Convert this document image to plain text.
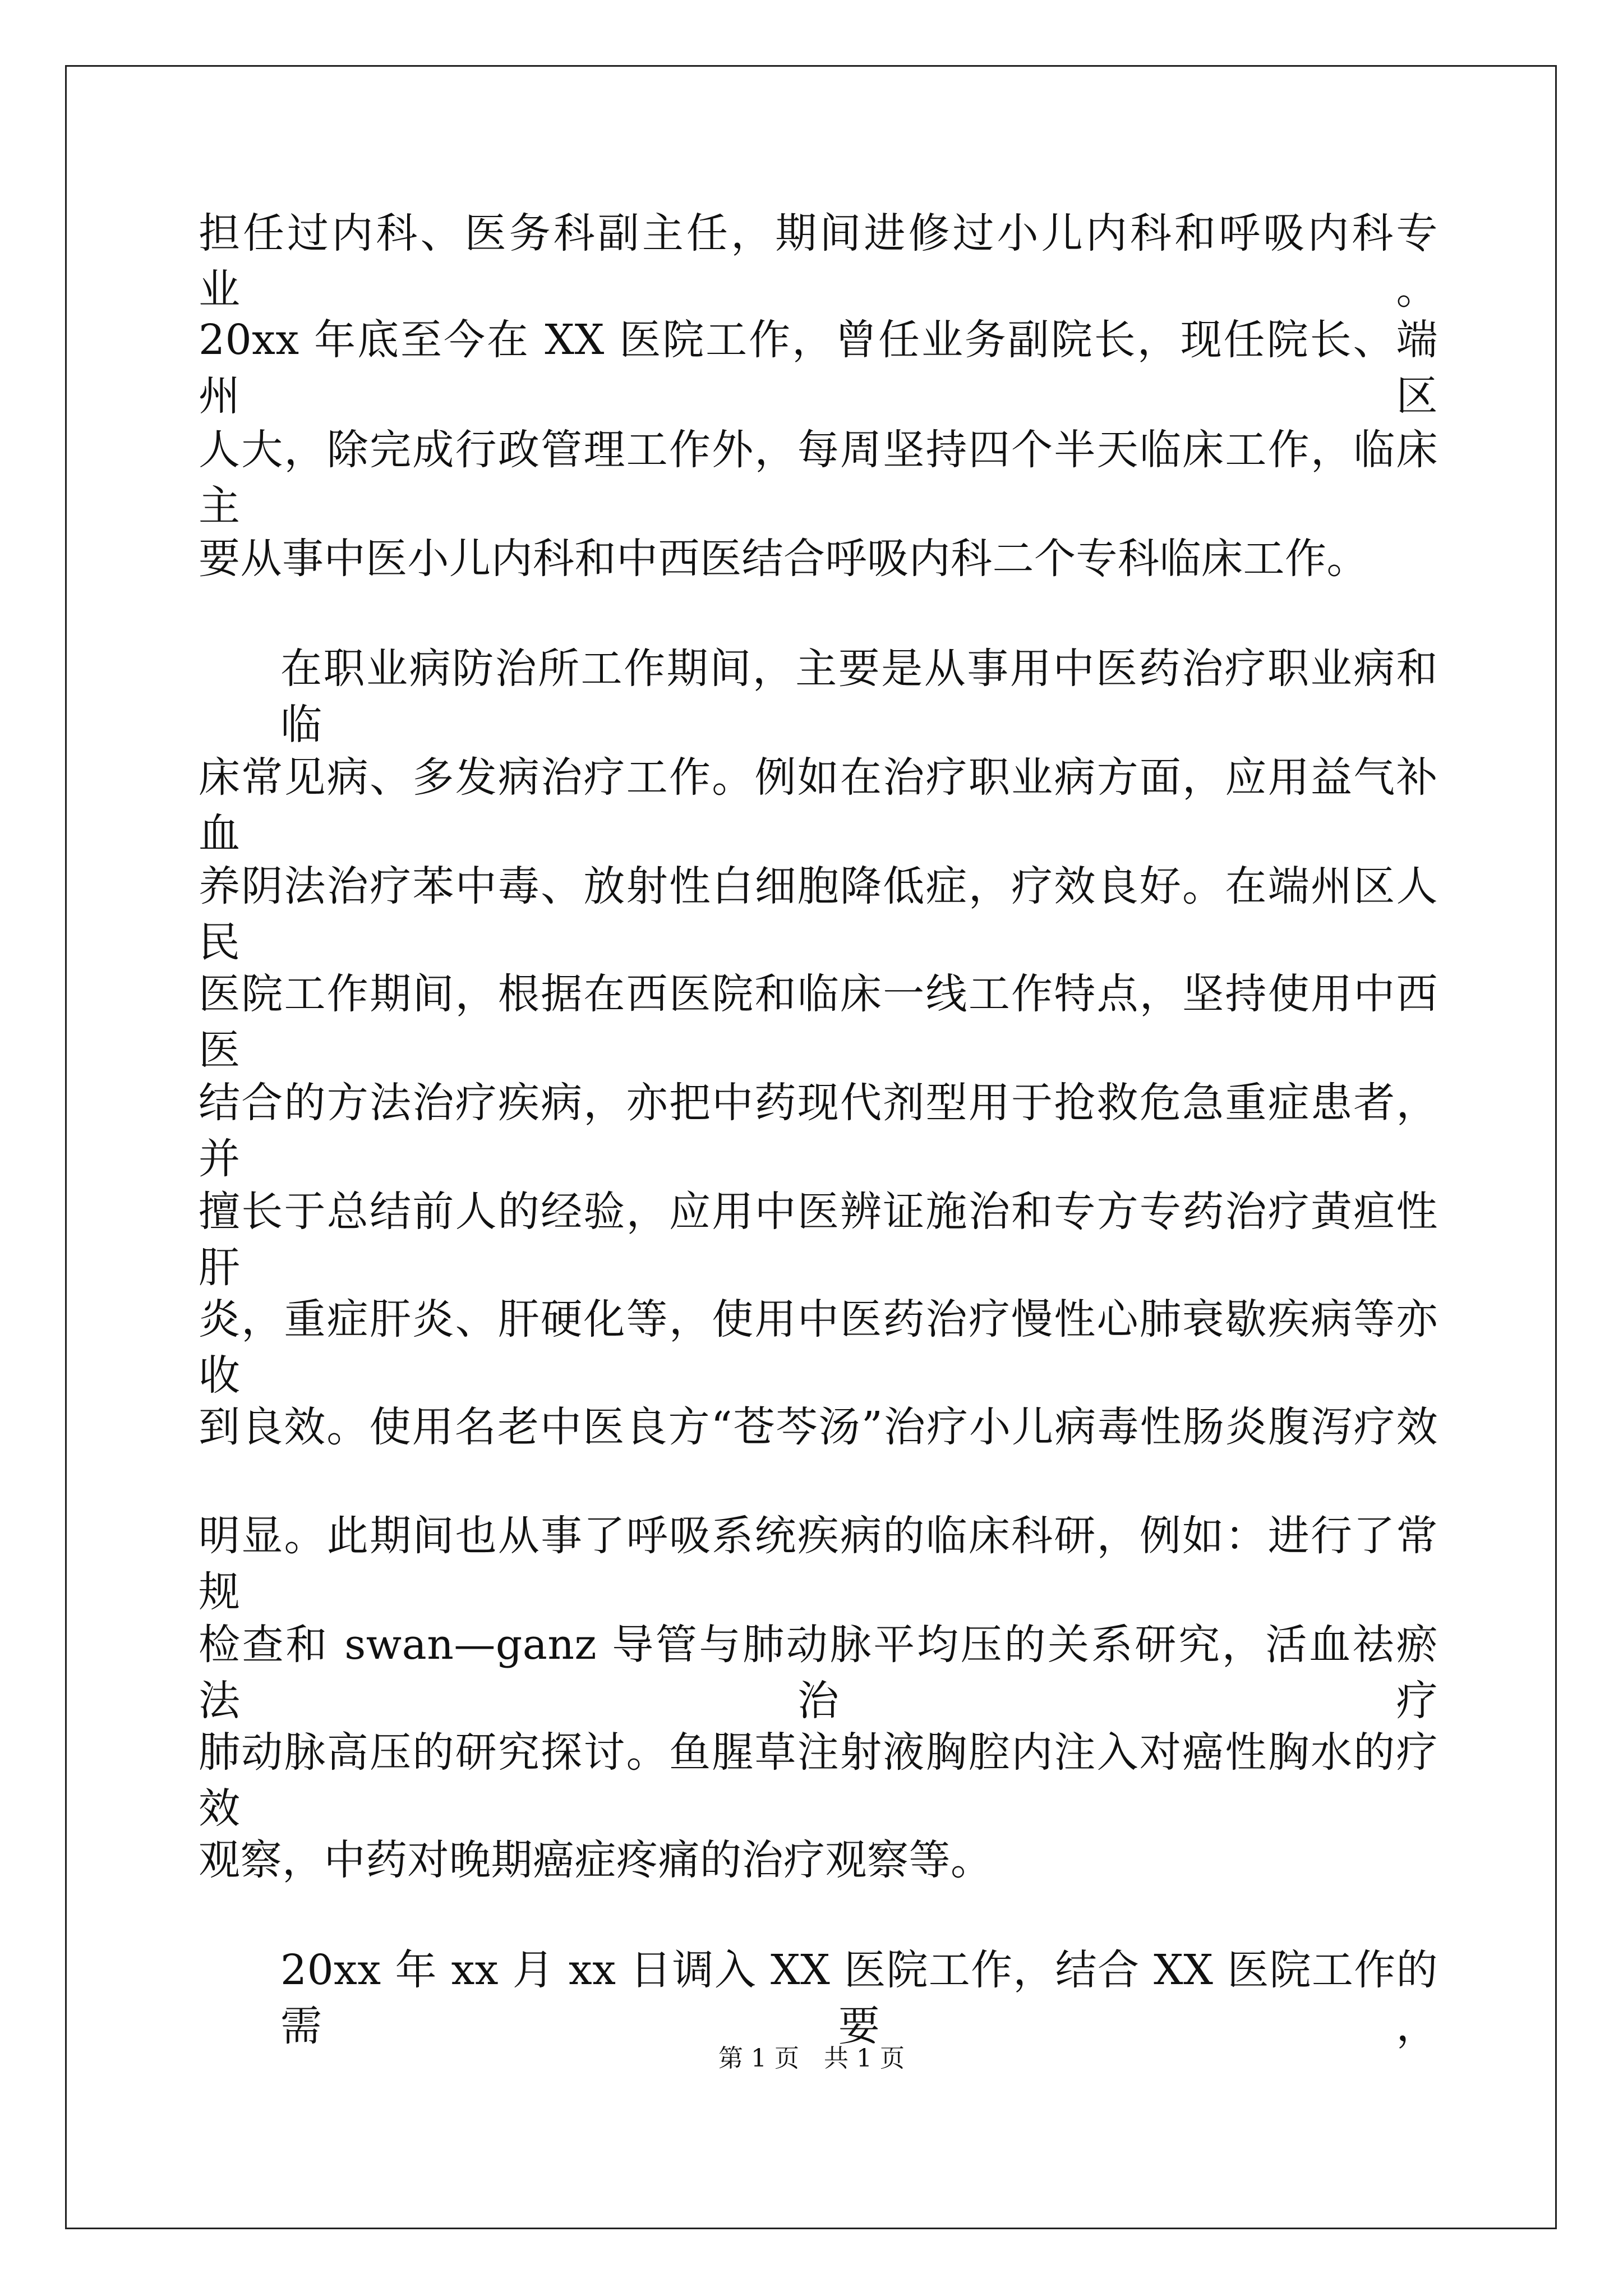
担任过内科、医务科副主任，期间进修过小儿内科和呼吸内科专业。
20xx 年底至今在 XX 医院工作，曾任业务副院长，现任院长、端州区
人大，除完成行政管理工作外，每周坚持四个半天临床工作，临床主
要从事中医小儿内科和中西医结合呼吸内科二个专科临床工作。
在职业病防治所工作期间，主要是从事用中医药治疗职业病和临
床常见病、多发病治疗工作。例如在治疗职业病方面，应用益气补血
养阴法治疗苯中毒、放射性白细胞降低症，疗效良好。在端州区人民
医院工作期间，根据在西医院和临床一线工作特点，坚持使用中西医
结合的方法治疗疾病，亦把中药现代剂型用于抢救危急重症患者，并
擅长于总结前人的经验，应用中医辨证施治和专方专药治疗黄疸性肝
炎，重症肝炎、肝硬化等，使用中医药治疗慢性心肺衰歇疾病等亦收
到良效。使用名老中医良方“苍芩汤”治疗小儿病毒性肠炎腹泻疗效
明显。此期间也从事了呼吸系统疾病的临床科研，例如：进行了常规
检查和 swan—ganz 导管与肺动脉平均压的关系研究，活血祛瘀法治疗
肺动脉高压的研究探讨。鱼腥草注射液胸腔内注入对癌性胸水的疗效
观察，中药对晚期癌症疼痛的治疗观察等。
20xx 年 xx 月 xx 日调入 XX 医院工作，结合 XX 医院工作的需要，
第 1 页　共 1 页
